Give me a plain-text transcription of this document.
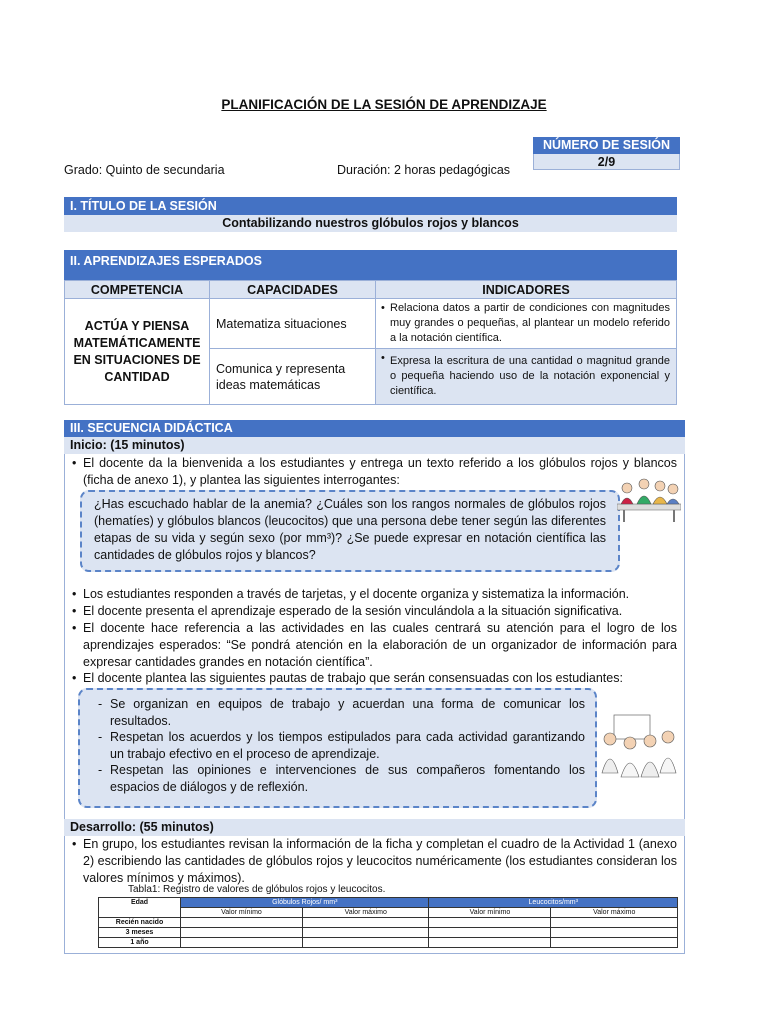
PLANIFICACIÓN DE LA SESIÓN DE APRENDIZAJE
NÚMERO DE SESIÓN
2/9
Grado: Quinto de secundaria	Duración: 2 horas pedagógicas
I. TÍTULO DE LA SESIÓN
Contabilizando nuestros glóbulos rojos y blancos
II. APRENDIZAJES ESPERADOS
COMPETENCIA	CAPACIDADES	INDICADORES
ACTÚA Y PIENSA MATEMÁTICAMENTE EN SITUACIONES DE CANTIDAD	Matematiza situaciones	• Relaciona datos a partir de condiciones con magnitudes muy grandes o pequeñas, al plantear un modelo referido a la notación científica.
	Comunica y representa ideas matemáticas	• Expresa la escritura de una cantidad o magnitud grande o pequeña haciendo uso de la notación exponencial y científica.
III. SECUENCIA DIDÁCTICA
Inicio: (15 minutos)
• El docente da la bienvenida a los estudiantes y entrega un texto referido a los glóbulos rojos y blancos (ficha de anexo 1), y plantea las siguientes interrogantes:
¿Has escuchado hablar de la anemia? ¿Cuáles son los rangos normales de glóbulos rojos (hematíes) y glóbulos blancos (leucocitos) que una persona debe tener según las diferentes etapas de su vida y según sexo (por mm³)? ¿Se puede expresar en notación científica las cantidades de glóbulos rojos y blancos?
• Los estudiantes responden a través de tarjetas, y el docente organiza y sistematiza la información.
• El docente presenta el aprendizaje esperado de la sesión vinculándola a la situación significativa.
• El docente hace referencia a las actividades en las cuales centrará su atención para el logro de los aprendizajes esperados: “Se pondrá atención en la elaboración de un organizador de información para expresar cantidades grandes en notación científica”.
• El docente plantea las siguientes pautas de trabajo que serán consensuadas con los estudiantes:
- Se organizan en equipos de trabajo y acuerdan una forma de comunicar los resultados.
- Respetan los acuerdos y los tiempos estipulados para cada actividad garantizando un trabajo efectivo en el proceso de aprendizaje.
- Respetan las opiniones e intervenciones de sus compañeros fomentando los espacios de diálogos y de reflexión.
Desarrollo: (55 minutos)
• En grupo, los estudiantes revisan la información de la ficha y completan el cuadro de la Actividad 1 (anexo 2) escribiendo las cantidades de glóbulos rojos y leucocitos numéricamente (los estudiantes consideran los valores mínimos y máximos).
Tabla1: Registro de valores de glóbulos rojos y leucocitos.
Edad	Glóbulos Rojos/ mm³		Leucocitos/mm³	
	Valor mínimo	Valor máximo	Valor mínimo	Valor máximo
Recién nacido				
3 meses				
1 año				
